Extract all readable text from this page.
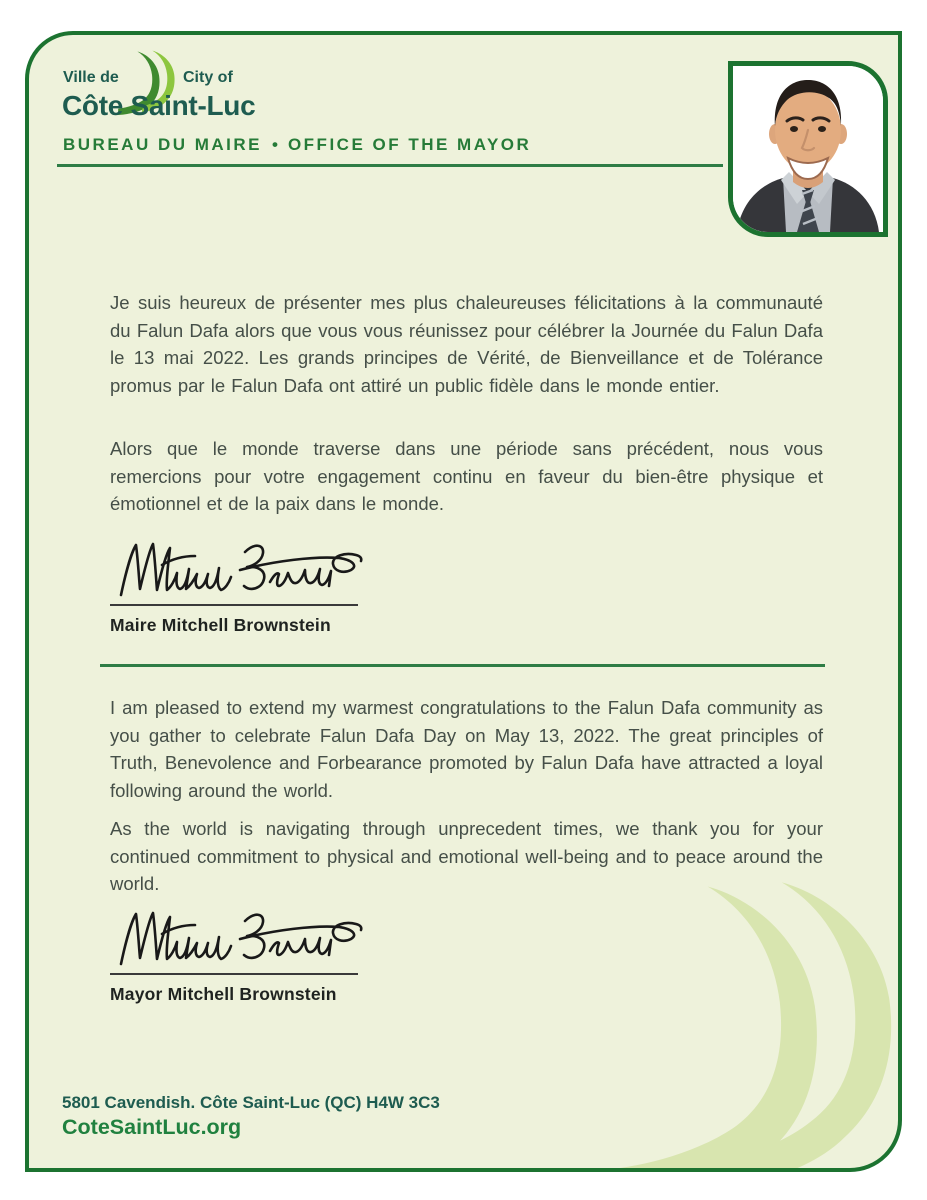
Ville de	City of
Côte Saint-Luc
BUREAU DU MAIRE • OFFICE OF THE MAYOR

Je suis heureux de présenter mes plus chaleureuses félicitations à la communauté du Falun Dafa alors que vous vous réunissez pour célébrer la Journée du Falun Dafa le 13 mai 2022. Les grands principes de Vérité, de Bienveillance et de Tolérance promus par le Falun Dafa ont attiré un public fidèle dans le monde entier.

Alors que le monde traverse dans une période sans précédent, nous vous remercions pour votre engagement continu en faveur du bien-être physique et émotionnel et de la paix dans le monde.

Maire Mitchell Brownstein

I am pleased to extend my warmest congratulations to the Falun Dafa community as you gather to celebrate Falun Dafa Day on May 13, 2022. The great principles of Truth, Benevolence and Forbearance promoted by Falun Dafa have attracted a loyal following around the world.

As the world is navigating through unprecedent times, we thank you for your continued commitment to physical and emotional well-being and to peace around the world.

Mayor Mitchell Brownstein
5801 Cavendish. Côte Saint-Luc (QC) H4W 3C3
CoteSaintLuc.org
